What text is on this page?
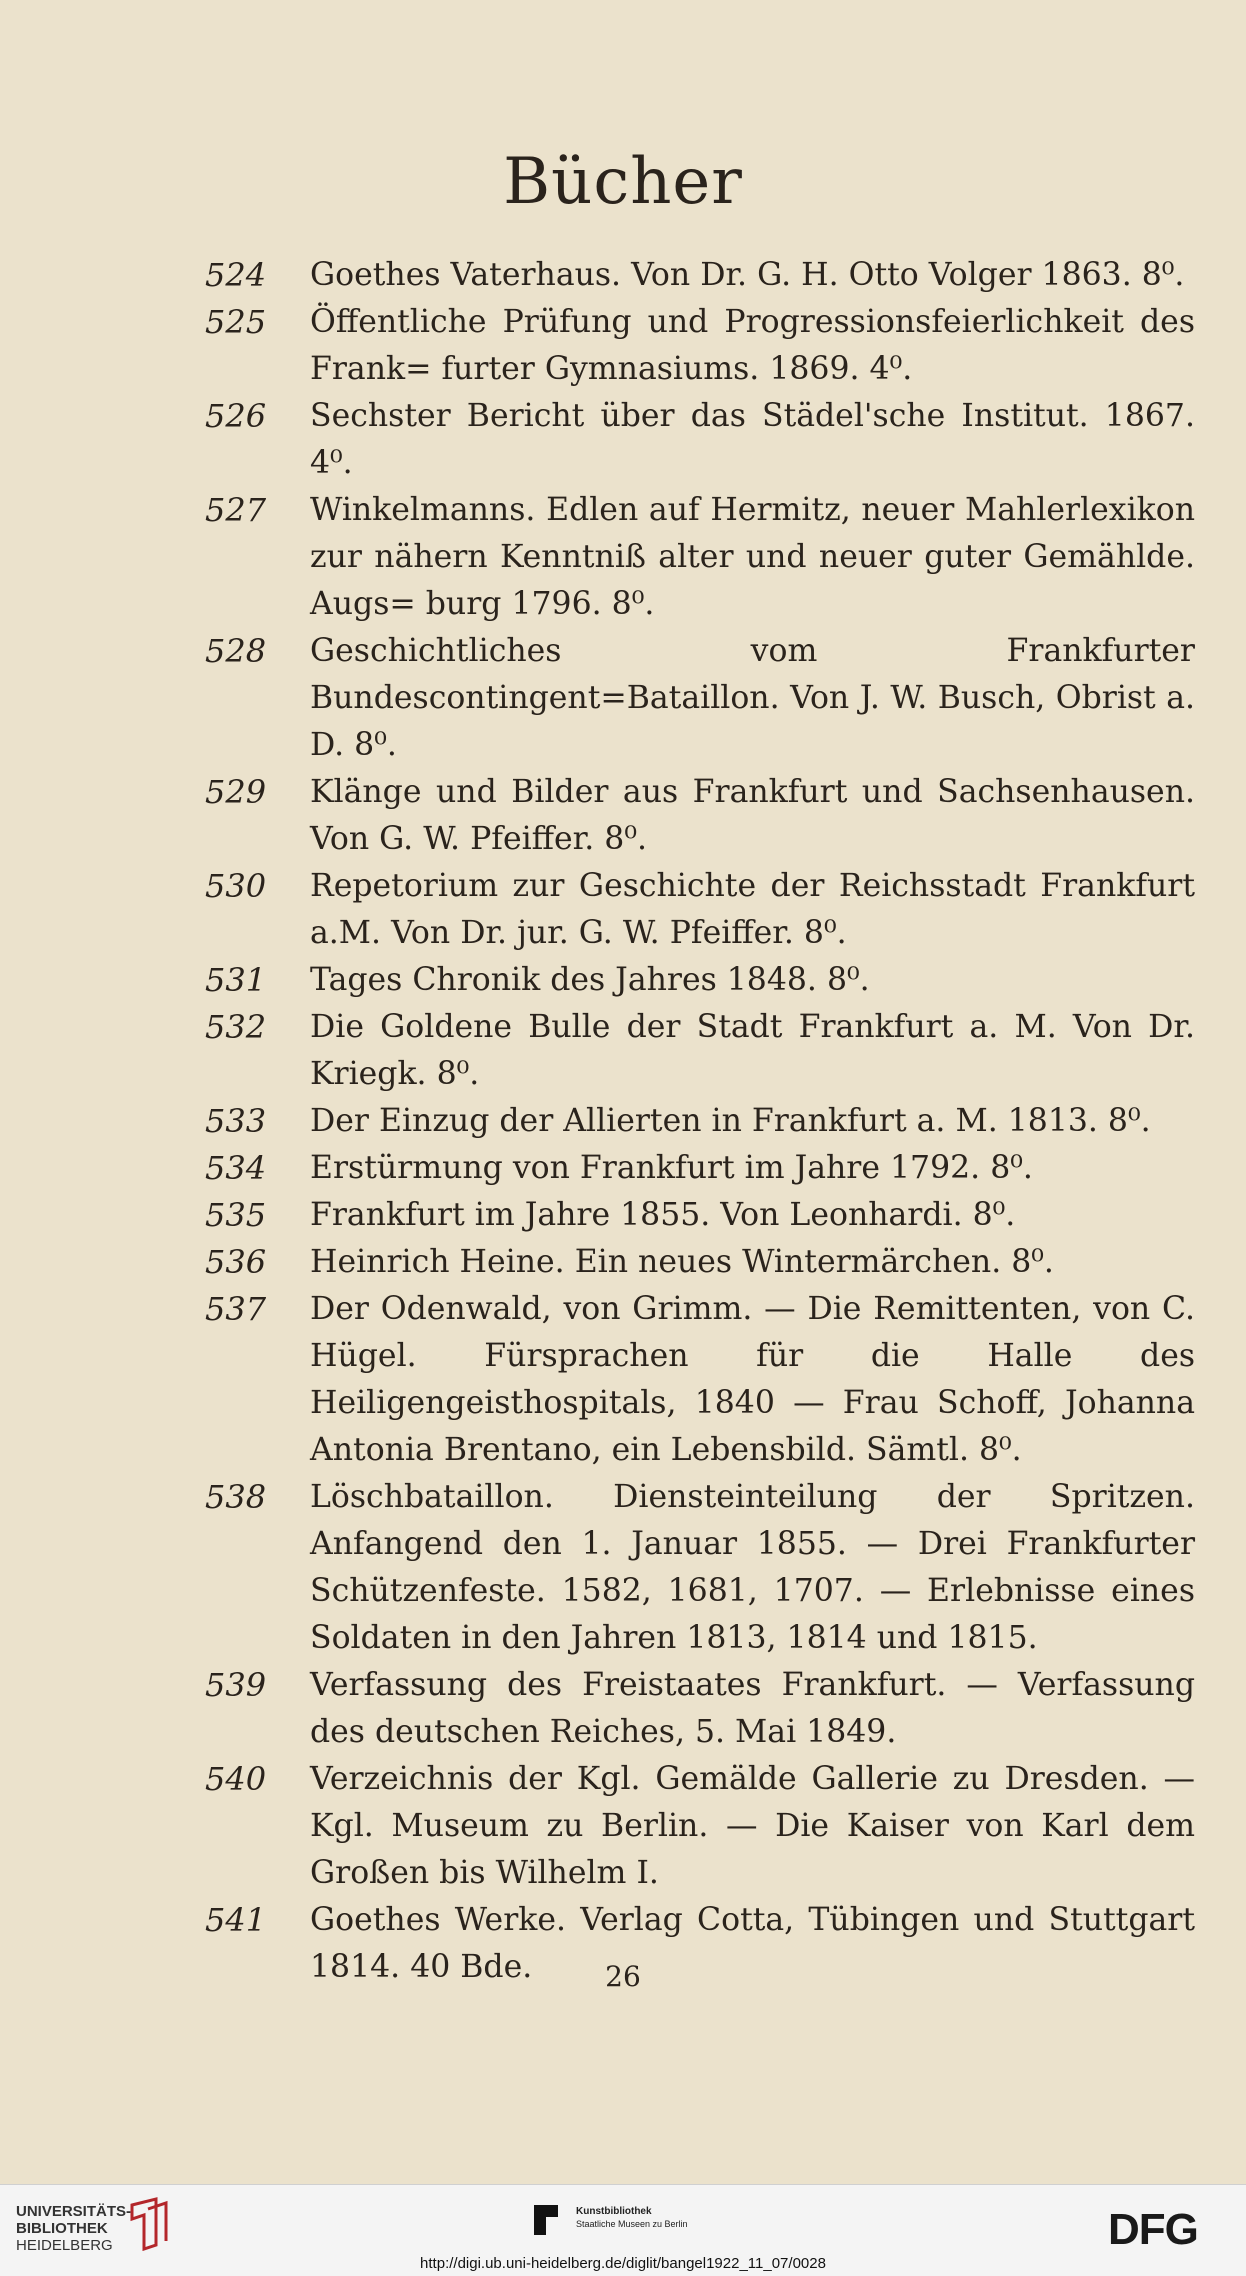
Bücher
524	Goethes Vaterhaus. Von Dr. G. H. Otto Volger 1863. 8⁰.
525	Öffentliche Prüfung und Progressionsfeierlichkeit des Frank= furter Gymnasiums. 1869. 4⁰.
526	Sechster Bericht über das Städel'sche Institut. 1867. 4⁰.
527	Winkelmanns. Edlen auf Hermitz, neuer Mahlerlexikon zur nähern Kenntniß alter und neuer guter Gemählde. Augs= burg 1796. 8⁰.
528	Geschichtliches vom Frankfurter Bundescontingent=Bataillon. Von J. W. Busch, Obrist a. D. 8⁰.
529	Klänge und Bilder aus Frankfurt und Sachsenhausen. Von G. W. Pfeiffer. 8⁰.
530	Repetorium zur Geschichte der Reichsstadt Frankfurt a.M. Von Dr. jur. G. W. Pfeiffer. 8⁰.
531	Tages Chronik des Jahres 1848. 8⁰.
532	Die Goldene Bulle der Stadt Frankfurt a. M. Von Dr. Kriegk. 8⁰.
533	Der Einzug der Allierten in Frankfurt a. M. 1813. 8⁰.
534	Erstürmung von Frankfurt im Jahre 1792. 8⁰.
535	Frankfurt im Jahre 1855. Von Leonhardi. 8⁰.
536	Heinrich Heine. Ein neues Wintermärchen. 8⁰.
537	Der Odenwald, von Grimm. — Die Remittenten, von C. Hügel. Fürsprachen für die Halle des Heiligengeisthospitals, 1840 — Frau Schoff, Johanna Antonia Brentano, ein Lebensbild. Sämtl. 8⁰.
538	Löschbataillon. Diensteinteilung der Spritzen. Anfangend den 1. Januar 1855. — Drei Frankfurter Schützenfeste. 1582, 1681, 1707. — Erlebnisse eines Soldaten in den Jahren 1813, 1814 und 1815.
539	Verfassung des Freistaates Frankfurt. — Verfassung des deutschen Reiches, 5. Mai 1849.
540	Verzeichnis der Kgl. Gemälde Gallerie zu Dresden. — Kgl. Museum zu Berlin. — Die Kaiser von Karl dem Großen bis Wilhelm I.
541	Goethes Werke. Verlag Cotta, Tübingen und Stuttgart 1814. 40 Bde.	26
UNIVERSITÄTS-
BIBLIOTHEK
HEIDELBERG
Kunstbibliothek
Staatliche Museen zu Berlin	DFG
http://digi.ub.uni-heidelberg.de/diglit/bangel1922_11_07/0028
